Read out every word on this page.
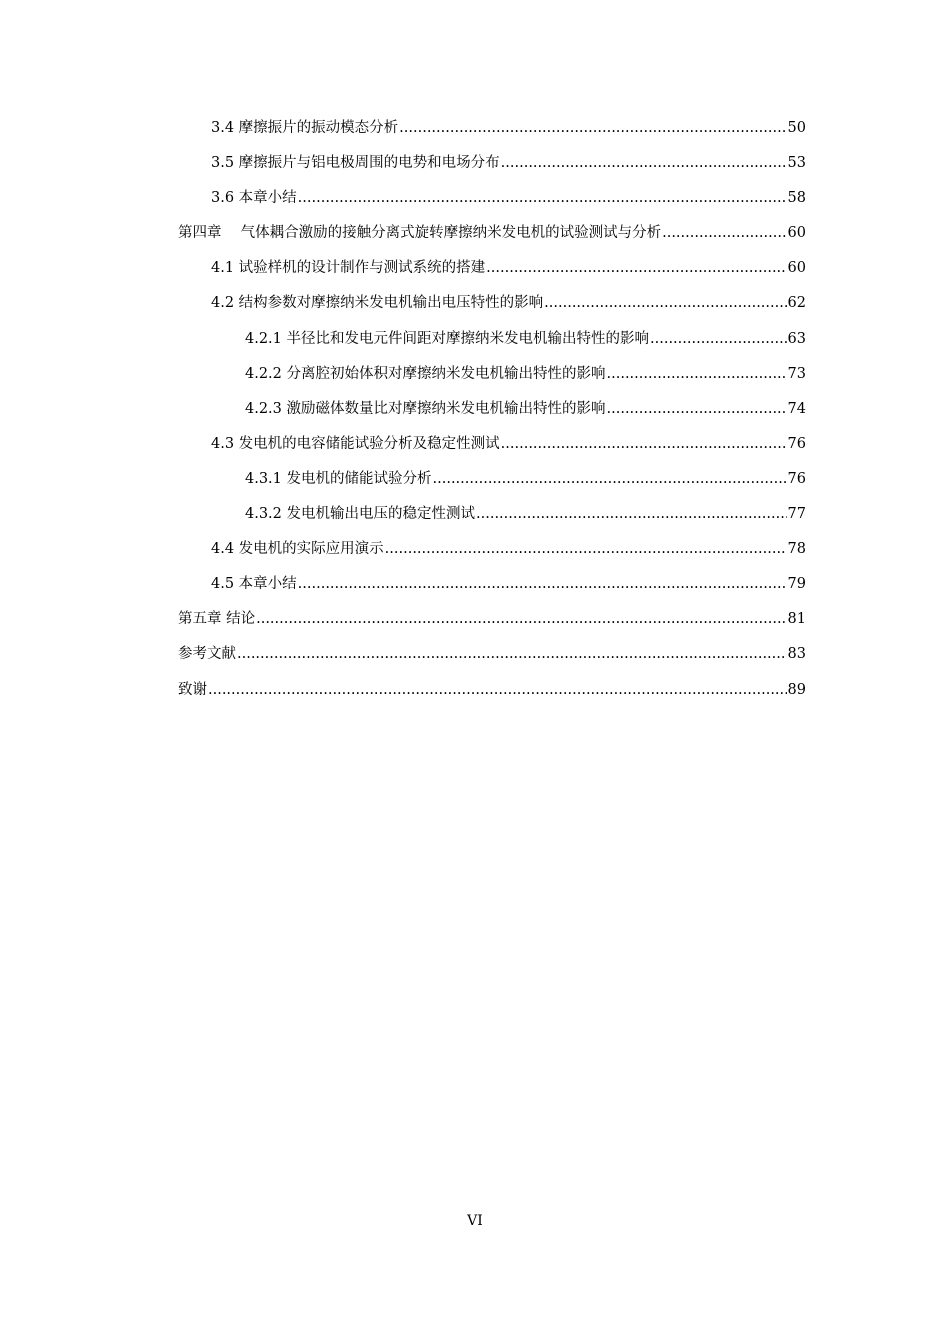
3.4 摩擦振片的振动模态分析 .....	50
3.5 摩擦振片与铝电极周围的电势和电场分布 .....	53
3.6 本章小结 .....	58
第四章　 气体耦合激励的接触分离式旋转摩擦纳米发电机的试验测试与分析 .....	60
4.1 试验样机的设计制作与测试系统的搭建 .....	60
4.2 结构参数对摩擦纳米发电机输出电压特性的影响 .....	62
4.2.1 半径比和发电元件间距对摩擦纳米发电机输出特性的影响 .....	63
4.2.2 分离腔初始体积对摩擦纳米发电机输出特性的影响 .....	73
4.2.3 激励磁体数量比对摩擦纳米发电机输出特性的影响 .....	74
4.3 发电机的电容储能试验分析及稳定性测试 .....	76
4.3.1 发电机的储能试验分析 .....	76
4.3.2 发电机输出电压的稳定性测试 .....	77
4.4 发电机的实际应用演示 .....	78
4.5 本章小结 .....	79
第五章 结论 .....	81
参考文献 .....	83
致谢 .....	89
VI
